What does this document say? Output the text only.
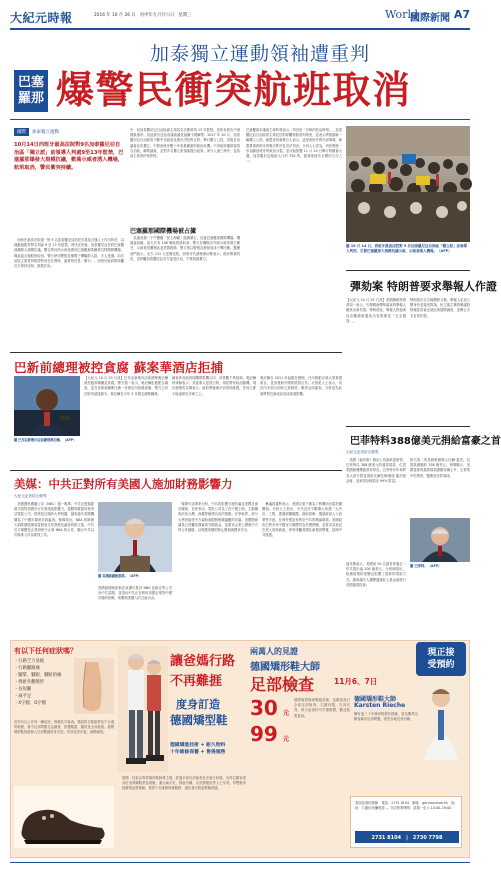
大紀元時報	2016 年 10 月 26 日　丙申年九月廿六日　星期三	World
國際新聞 A7
加泰獨立運動領袖遭重判
巴塞
羅那 爆警民衝突航班取消
國際	加泰獨立運動
10月14日西班牙最高法院對9名加泰羅尼亞自治區「獨立派」前領導人判處9至13年監禁，巴塞羅那爆發大規模抗議，數萬示威者湧入機場，航班取消，警民衝突持續。
　西班牙最高法院週一對 9 名加泰羅尼亞前任官員及社運人士作出判決，以煽動叛亂等罪名判處 9 至 13 年監禁。判決宣布後，加泰羅尼亞首府巴塞羅那爆發大規模抗議。數以萬計的示威者湧向巴塞羅那埃爾普拉特國際機場，導致逾百個航班取消。警方使用警棍及橡膠子彈驅散人群，多人受傷。前自治區主席普伊格蒙特身在比利時，譴責判決是「暴行」。西班牙政府則呼籲各方保持克制，維護法治。
中，前加泰羅尼亞自治區副主席容克拉斯被判 13 年監禁，是所有被告中刑期最重的。其他被告包括前議會議長福爾卡德爾等。2017 年 10 月，加泰羅尼亞自治政府不顧中央政府及憲法法院的反對，舉行獨立公投，其後自治議會宣布獨立，引發西班牙數十年來最嚴重的政治危機。中央政府隨即接管自治區，解散議會，並對多名獨立派領袖提出起訴。部分人流亡海外，包括前主席普伊格蒙特。
巴塞羅那國際機場被占據
　抗議者週一下午響應「民主海嘯」組織號召，佔據巴塞羅那國際機場。機場當局稱，當天共有 108 個航班被取消。警方在機場內外與示威者發生衝突，示威者投擲物品並設置路障，警方則以警棍及發射泡沫子彈回應。醫療部門表示，至少 131 人受傷送院。西班牙代總理桑切斯表示，政府尊重判決，並呼籲加泰羅尼亞各方接受法治，不要訴諸暴力。
巴塞羅那市議會主席科勞表示，判決是「法律的悲哀時刻」。加泰羅尼亞自治政府主席托拉則呼籲特赦被判刑者，並表示將推動新一輪獨立公投。歐盟委員會發言人表示，這是西班牙的內部事務，歐盟尊重西班牙的憲法秩序及司法判決。分析人士認為，判決將進一步加劇西班牙的政治分裂，並可能影響 11 月 10 日舉行的國會大選。加泰羅尼亞地區人口約 750 萬，經濟產值佔全國約五分之一。
圖 10 月 14 日，西班牙最高法院對 9 名加泰羅尼亞自治區「獨立派」前領導人判刑，引發巴塞羅那大規模抗議示威，示威者湧入機場。（AFP）
彈劾案 特朗普要求舉報人作證
【大紀元 10 月 25 日訊】美國總統特朗普周一表示，引發國會彈劾調查的舉報人應該出席作證。特朗普說，舉報人對他與烏克蘭總統通話內容的描述「完全錯誤」。
特朗普在社交媒體發文稱，舉報人必須公開身份並接受質詢。民主黨主導的眾議院情報委員會正就此事展開調查，並傳召多名官員作證。
巴新前總理被控貪腐 蘇案華酒店拒捕
圖 巴布亞新幾內亞前總理奧尼爾。（AFP）
【大紀元 10 月 25 日訊】巴布亞新幾內亞前總理奧尼爾被控濫用職權及貪腐，警方週一表示，奧尼爾拒絕配合調查，並在首都莫爾斯比港一家酒店內拒絕被捕。警方已向法院申請逮捕令。奧尼爾在今年 5 月辭去總理職務。
調查涉及政府採購發電機合同，涉款數千萬基那。奧尼爾的律師表示，其當事人是清白的，指控帶有政治動機。現任總理馬拉佩表示，政府將確保法治得到維護，任何人都不能凌駕於法律之上。
奧尼爾自 2011 年起擔任總理，任內推動多項大型基建項目，並加強與中國的經貿合作。反對派人士表示，其任內多項合約缺乏透明度，應該全面審查。分析認為此案將對巴新政局造成深遠影響。
巴菲特料388億美元捐給富豪之首
大紀元記者綜合報導
　美國《福布斯》雜誌公布最新富豪榜，巴菲特以 388 億美元的慈善捐款，位居美國最慷慨慈善家榜首。巴菲特多年來將其大部分財富捐給比爾及梅琳達·蓋茨基金會，並承諾身後捐出 99% 財富。
排名第二的是微軟創辦人比爾·蓋茨，其捐款總額約 358 億美元。榜單顯示，美國富豪的慈善捐款總額持續上升，主要集中於教育、醫療及扶貧領域。
圖 巴菲特。（AFP）
福布斯表示，美國前 50 名慈善家過去一年共捐出逾 200 億美元。分析師指出，稅務政策的改變也影響了富豪的捐款方式，越來越多人選擇通過私人基金會進行長期慈善投資。
美媒：中共正對所有美國人施加財務影響力
大紀元記者綜合報導
　美國國家廣播公司（NBC）週一報導，中共正透過經濟手段對美國各行各業施加影響力，從體育聯盟到荷李活電影公司，從科技巨頭到大學校園，越來越多美國機構為了中國市場而自我審查。報導指出，NBA 休斯頓火箭隊總經理莫雷發表支持香港抗議者的推文後，中共官方媒體及企業紛紛中止與 NBA 的合作，顯示中共以市場准入作為要挾工具。
圖 美國副總統彭斯。（AFP）
美國副總統彭斯在演講中批評 NBA 及耐克等公司向中共屈服，並指出中共正在利用美國企業對中國市場的依賴，來壓制美國人的言論自由。
　報導引述專家分析，中共的影響力運作遍及美國社會各層面。在荷李活，電影公司為了在中國上映，主動刪改涉及台灣、西藏等敏感內容的情節。在學術界，部分大學因接受中方資助而限制相關議題的討論。美國國會議員已呼籲加強審查外國資金，並要求企業公開與中方的合作細節，以保護美國的核心價值與國家安全。
　參議員霍利表示，美國企業不應為了利潤而出賣美國價值。分析人士指出，中共近年不斷擴大所謂「大外宣」工程，透過收購媒體、資助智庫、邀請政商人士訪華等手段，在海外塑造有利於中共的輿論環境。美國政府已將多家中國官方媒體列為外國使團，並要求其登記在美人員與資產。專家呼籲美國社會提高警覺，抵制中共滲透。
有以下任何症狀嗎？
・行路乏力易疲
・行路腳跟痛
・腳掌、腳跟、腳趾的痛
・拇趾外翻變形
・長短腳
・扁平足
・X字腿、O字腿
若你有以上任何一種症狀，都應及早檢查。錯誤的走路姿勢及不合適的鞋履，會令足部問題日益嚴重，影響膝蓋、腰背及全身健康。德國矯型鞋根據個人足部數據度身訂造，有效改善步姿，減輕痛楚。
讓爸媽行路
不再難捱
度身訂造
德國矯型鞋
德國矯進技術 + 耐久物料
十年維修保養 + 售後服務
德國 · 技術由專業矯形鞋師傅主理，經過全面足部檢查及步姿分析後，為每位顧客度身訂造專屬鞋墊及鞋履，適合扁平足、拇趾外翻、足底筋膜炎等人士穿著。每雙鞋均經嚴格品質檢驗，提供十年維修保養服務，讓長者行路更輕鬆舒適。
兩萬人的見證
德國矯形鞋大師
足部檢查	11月6、7日
30 元
99 元
德國矯型鞋師親臨香港，為顧客進行全面足部檢查，名額有限，先到先得。即日起預約可享優惠價，歡迎致電查詢。
德國矯形鞋大師
Karsten Rieche
擁有逾三十年矯形鞋製作經驗，曾為數萬名顧客解決足部問題，深受各地長者信賴。
查詢及預約熱線　電話：2731 8104　網址：germanshoe.hk　地址：九龍旺角彌敦道 — 分店營業時間：星期一至六 10:00–19:00
2731 8104　|　2730 7798
現正接
受預約
